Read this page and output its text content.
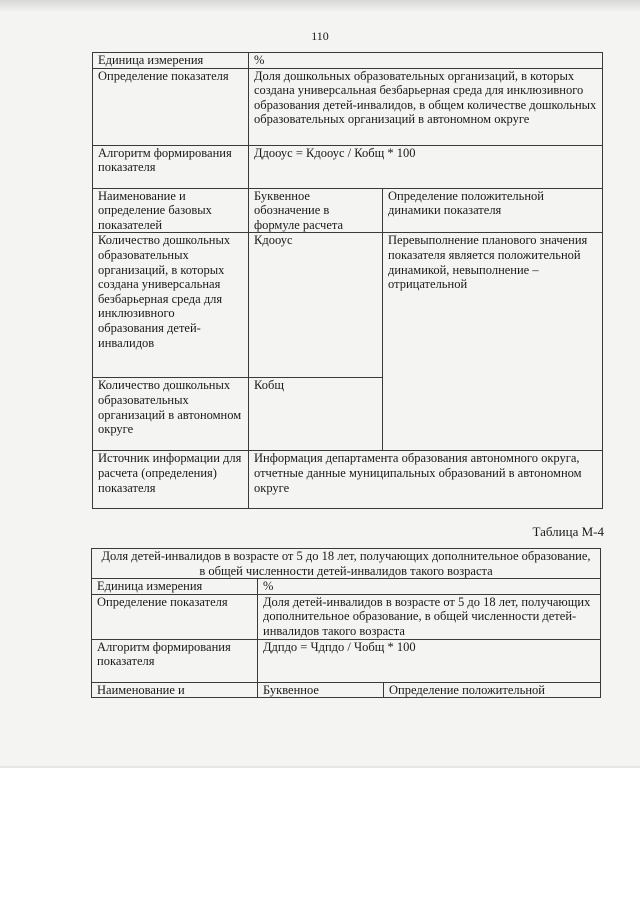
110
Единица измерения	%	
Определение показателя	Доля дошкольных образовательных организаций, в которых создана универсальная безбарьерная среда для инклюзивного образования детей-инвалидов, в общем количестве дошкольных образовательных организаций в автономном округе	
Алгоритм формирования показателя	Ддооус = Кдооус / Кобщ * 100	
Наименование и определение базовых показателей	Буквенное обозначение в формуле расчета	Определение положительной динамики показателя
Количество дошкольных образовательных организаций, в которых создана универсальная безбарьерная среда для инклюзивного образования детей-инвалидов	Кдооус	Перевыполнение планового значения показателя является положительной динамикой, невыполнение – отрицательной
Количество дошкольных образовательных организаций в автономном округе	Кобщ	
Источник информации для расчета (определения) показателя	Информация департамента образования автономного округа, отчетные данные муниципальных образований в автономном округе	
Таблица М-4
Доля детей-инвалидов в возрасте от 5 до 18 лет, получающих дополнительное образование, в общей численности детей-инвалидов такого возраста		
Единица измерения	%	
Определение показателя	Доля детей-инвалидов в возрасте от 5 до 18 лет, получающих дополнительное образование, в общей численности детей-инвалидов такого возраста	
Алгоритм формирования показателя	Ддпдо = Чдпдо / Чобщ * 100	
Наименование и	Буквенное	Определение положительной
